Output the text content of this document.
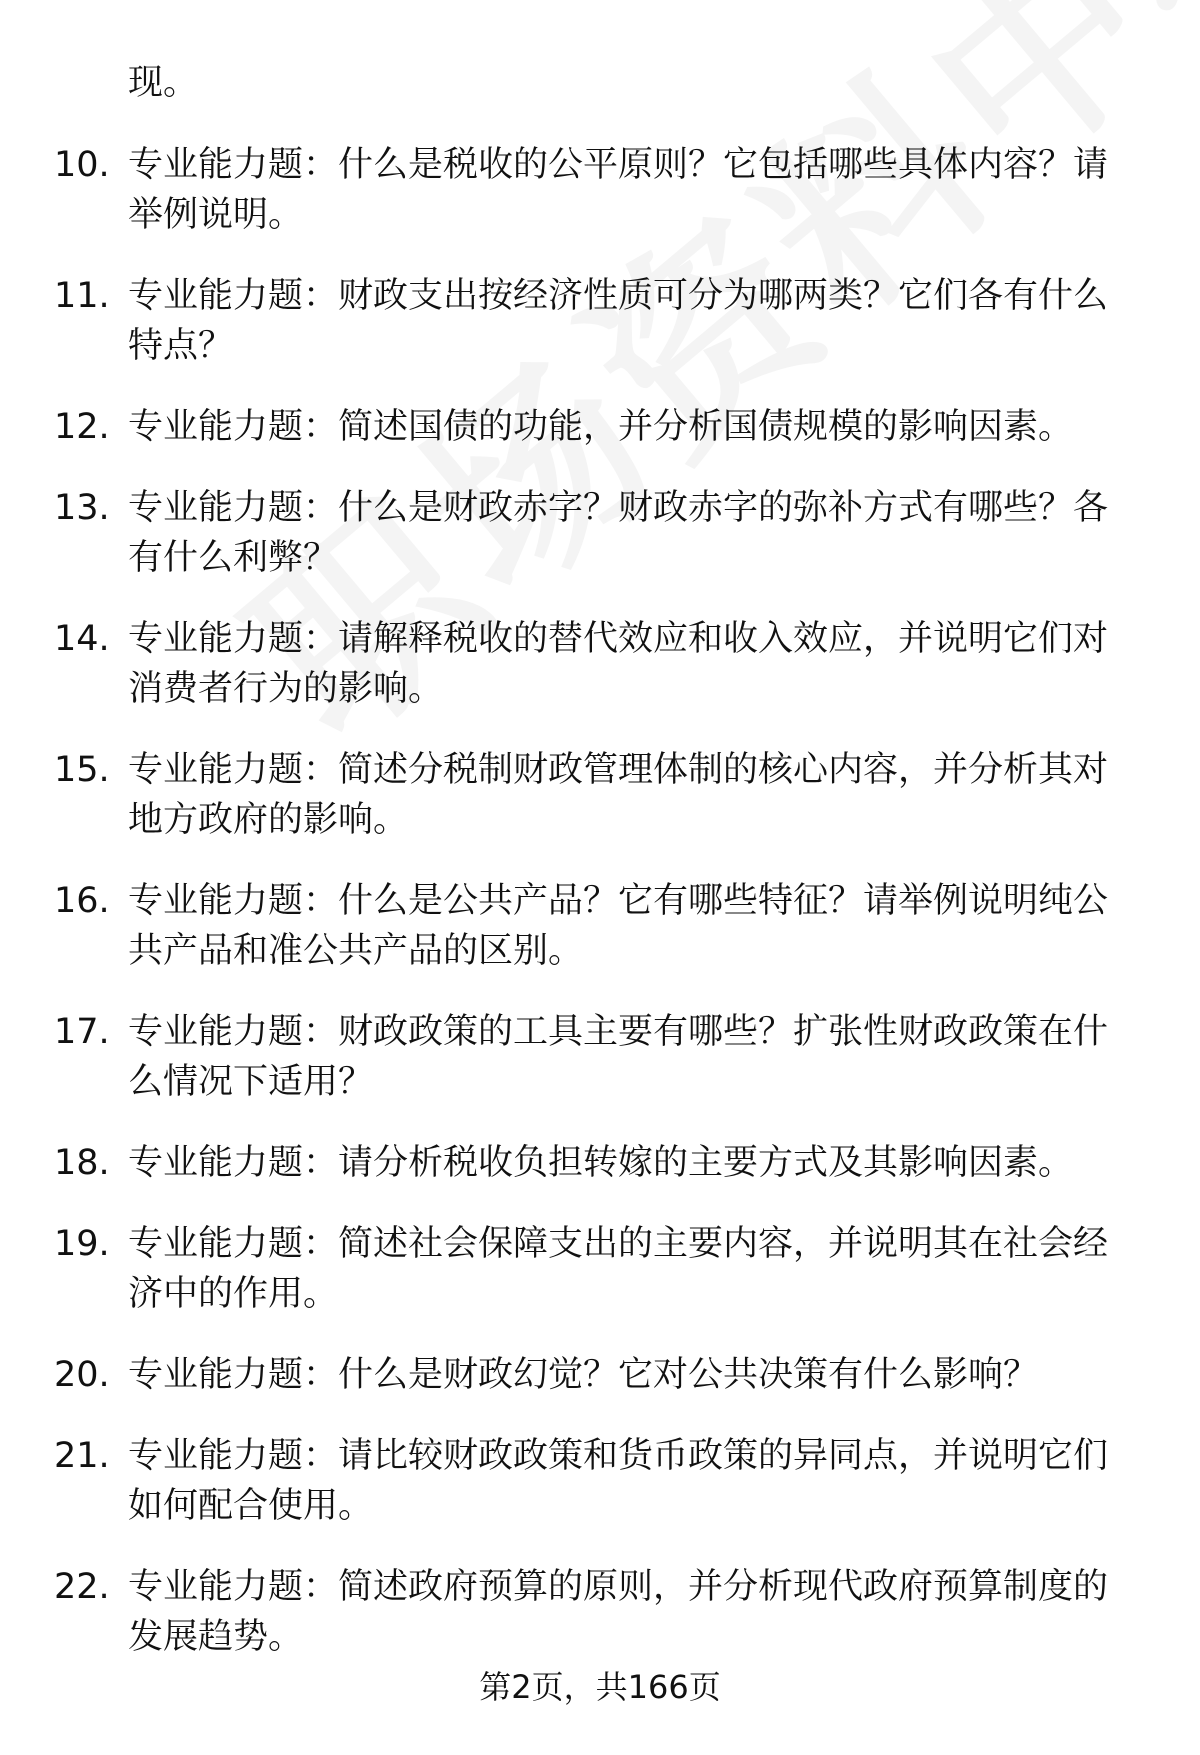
现。
10. 专业能力题：什么是税收的公平原则？它包括哪些具体内容？请举例说明。
11. 专业能力题：财政支出按经济性质可分为哪两类？它们各有什么特点？
12. 专业能力题：简述国债的功能，并分析国债规模的影响因素。
13. 专业能力题：什么是财政赤字？财政赤字的弥补方式有哪些？各有什么利弊？
14. 专业能力题：请解释税收的替代效应和收入效应，并说明它们对消费者行为的影响。
15. 专业能力题：简述分税制财政管理体制的核心内容，并分析其对地方政府的影响。
16. 专业能力题：什么是公共产品？它有哪些特征？请举例说明纯公共产品和准公共产品的区别。
17. 专业能力题：财政政策的工具主要有哪些？扩张性财政政策在什么情况下适用？
18. 专业能力题：请分析税收负担转嫁的主要方式及其影响因素。
19. 专业能力题：简述社会保障支出的主要内容，并说明其在社会经济中的作用。
20. 专业能力题：什么是财政幻觉？它对公共决策有什么影响？
21. 专业能力题：请比较财政政策和货币政策的异同点，并说明它们如何配合使用。
22. 专业能力题：简述政府预算的原则，并分析现代政府预算制度的发展趋势。
第2页，共166页
